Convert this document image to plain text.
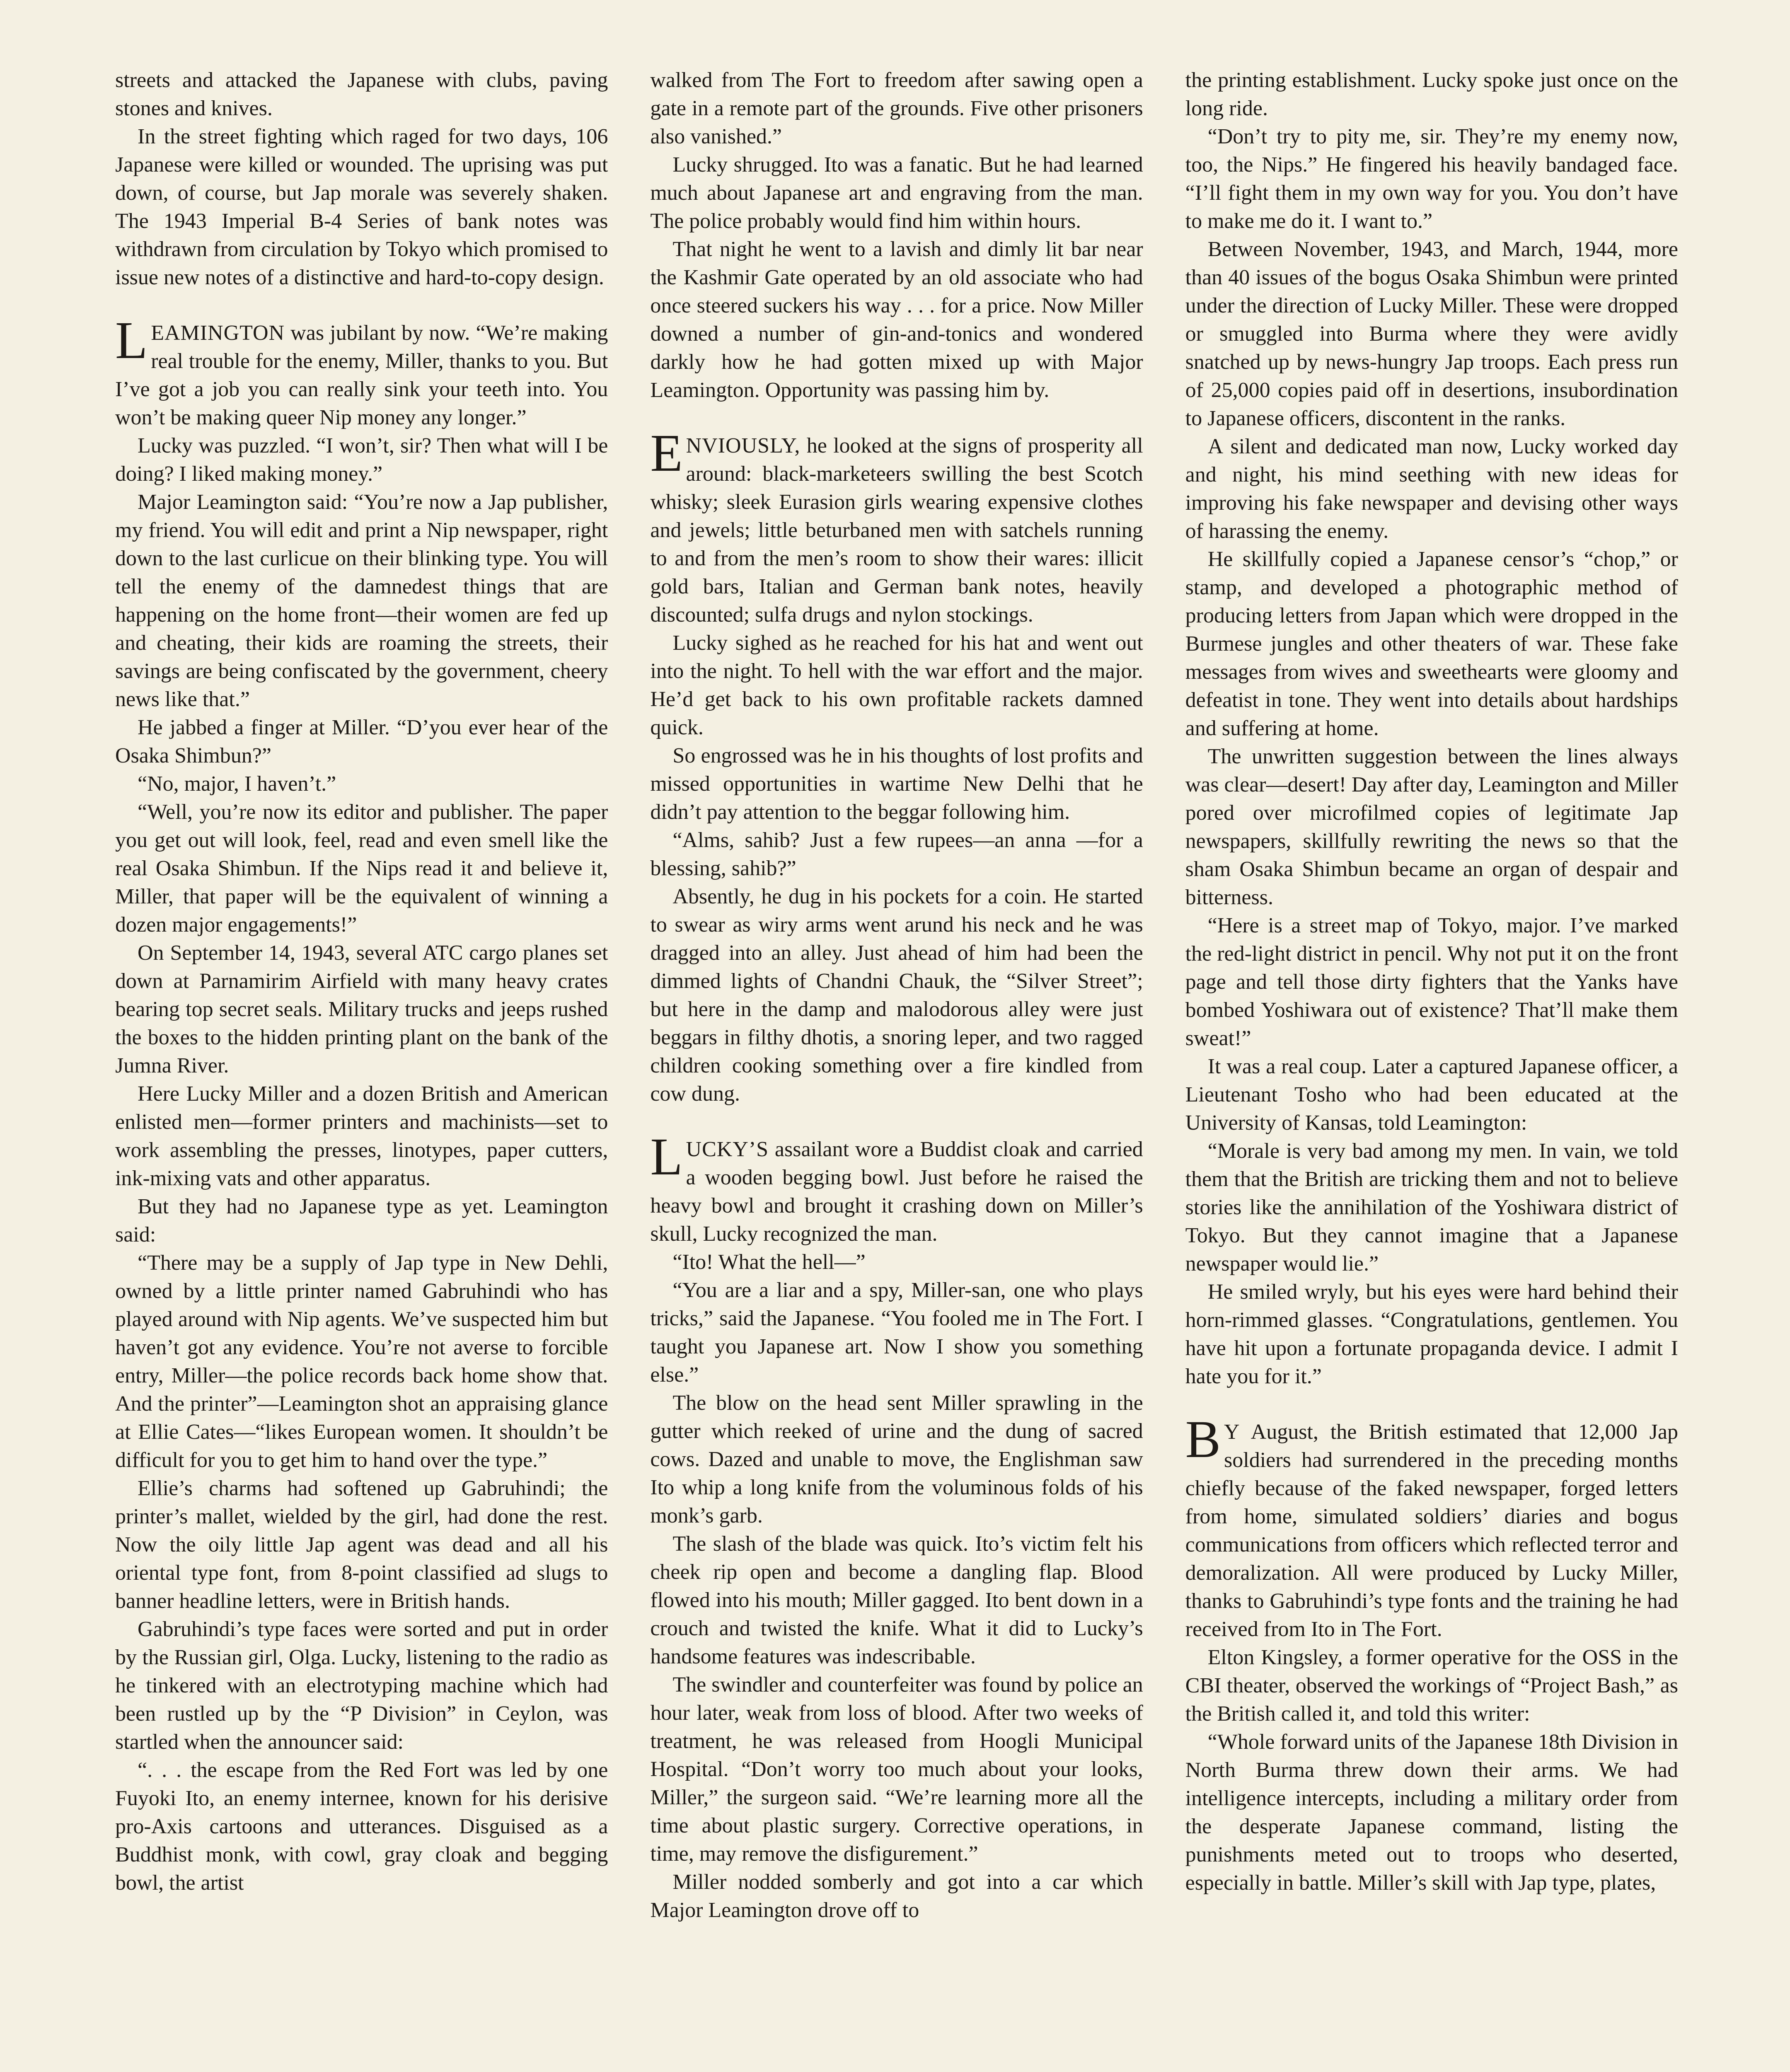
streets and attacked the Japanese with clubs, paving stones and knives.

In the street fighting which raged for two days, 106 Japanese were killed or wounded. The uprising was put down, of course, but Jap morale was severely shaken. The 1943 Imperial B-4 Series of bank notes was withdrawn from circulation by Tokyo which promised to issue new notes of a distinctive and hard-to-copy design.

LEAMINGTON was jubilant by now. “We’re making real trouble for the enemy, Miller, thanks to you. But I’ve got a job you can really sink your teeth into. You won’t be making queer Nip money any longer.”

Lucky was puzzled. “I won’t, sir? Then what will I be doing? I liked making money.”

Major Leamington said: “You’re now a Jap publisher, my friend. You will edit and print a Nip newspaper, right down to the last curlicue on their blinking type. You will tell the enemy of the damnedest things that are happening on the home front—their women are fed up and cheating, their kids are roaming the streets, their savings are being confiscated by the government, cheery news like that.”

He jabbed a finger at Miller. “D’you ever hear of the Osaka Shimbun?”

“No, major, I haven’t.”

“Well, you’re now its editor and publisher. The paper you get out will look, feel, read and even smell like the real Osaka Shimbun. If the Nips read it and believe it, Miller, that paper will be the equivalent of winning a dozen major engagements!”

On September 14, 1943, several ATC cargo planes set down at Parnamirim Airfield with many heavy crates bearing top secret seals. Military trucks and jeeps rushed the boxes to the hidden printing plant on the bank of the Jumna River.

Here Lucky Miller and a dozen British and American enlisted men—former printers and machinists—set to work assembling the presses, linotypes, paper cutters, ink-mixing vats and other apparatus.

But they had no Japanese type as yet. Leamington said:

“There may be a supply of Jap type in New Dehli, owned by a little printer named Gabruhindi who has played around with Nip agents. We’ve suspected him but haven’t got any evidence. You’re not averse to forcible entry, Miller—the police records back home show that. And the printer”—Leamington shot an appraising glance at Ellie Cates—“likes European women. It shouldn’t be difficult for you to get him to hand over the type.”

Ellie’s charms had softened up Gabruhindi; the printer’s mallet, wielded by the girl, had done the rest. Now the oily little Jap agent was dead and all his oriental type font, from 8-point classified ad slugs to banner headline letters, were in British hands.

Gabruhindi’s type faces were sorted and put in order by the Russian girl, Olga. Lucky, listening to the radio as he tinkered with an electrotyping machine which had been rustled up by the “P Division” in Ceylon, was startled when the announcer said:

“. . . the escape from the Red Fort was led by one Fuyoki Ito, an enemy internee, known for his derisive pro-Axis cartoons and utterances. Disguised as a Buddhist monk, with cowl, gray cloak and begging bowl, the artist

walked from The Fort to freedom after sawing open a gate in a remote part of the grounds. Five other prisoners also vanished.”

Lucky shrugged. Ito was a fanatic. But he had learned much about Japanese art and engraving from the man. The police probably would find him within hours.

That night he went to a lavish and dimly lit bar near the Kashmir Gate operated by an old associate who had once steered suckers his way . . . for a price. Now Miller downed a number of gin-and-tonics and wondered darkly how he had gotten mixed up with Major Leamington. Opportunity was passing him by.

ENVIOUSLY, he looked at the signs of prosperity all around: black-marketeers swilling the best Scotch whisky; sleek Eurasion girls wearing expensive clothes and jewels; little beturbaned men with satchels running to and from the men’s room to show their wares: illicit gold bars, Italian and German bank notes, heavily discounted; sulfa drugs and nylon stockings.

Lucky sighed as he reached for his hat and went out into the night. To hell with the war effort and the major. He’d get back to his own profitable rackets damned quick.

So engrossed was he in his thoughts of lost profits and missed opportunities in wartime New Delhi that he didn’t pay attention to the beggar following him.

“Alms, sahib? Just a few rupees—an anna —for a blessing, sahib?”

Absently, he dug in his pockets for a coin. He started to swear as wiry arms went arund his neck and he was dragged into an alley. Just ahead of him had been the dimmed lights of Chandni Chauk, the “Silver Street”; but here in the damp and malodorous alley were just beggars in filthy dhotis, a snoring leper, and two ragged children cooking something over a fire kindled from cow dung.

LUCKY’S assailant wore a Buddist cloak and carried a wooden begging bowl. Just before he raised the heavy bowl and brought it crashing down on Miller’s skull, Lucky recognized the man.

“Ito! What the hell—”

“You are a liar and a spy, Miller-san, one who plays tricks,” said the Japanese. “You fooled me in The Fort. I taught you Japanese art. Now I show you something else.”

The blow on the head sent Miller sprawling in the gutter which reeked of urine and the dung of sacred cows. Dazed and unable to move, the Englishman saw Ito whip a long knife from the voluminous folds of his monk’s garb.

The slash of the blade was quick. Ito’s victim felt his cheek rip open and become a dangling flap. Blood flowed into his mouth; Miller gagged. Ito bent down in a crouch and twisted the knife. What it did to Lucky’s handsome features was indescribable.

The swindler and counterfeiter was found by police an hour later, weak from loss of blood. After two weeks of treatment, he was released from Hoogli Municipal Hospital. “Don’t worry too much about your looks, Miller,” the surgeon said. “We’re learning more all the time about plastic surgery. Corrective operations, in time, may remove the disfigurement.”

Miller nodded somberly and got into a car which Major Leamington drove off to

the printing establishment. Lucky spoke just once on the long ride.

“Don’t try to pity me, sir. They’re my enemy now, too, the Nips.” He fingered his heavily bandaged face. “I’ll fight them in my own way for you. You don’t have to make me do it. I want to.”

Between November, 1943, and March, 1944, more than 40 issues of the bogus Osaka Shimbun were printed under the direction of Lucky Miller. These were dropped or smuggled into Burma where they were avidly snatched up by news-hungry Jap troops. Each press run of 25,000 copies paid off in desertions, insubordination to Japanese officers, discontent in the ranks.

A silent and dedicated man now, Lucky worked day and night, his mind seething with new ideas for improving his fake newspaper and devising other ways of harassing the enemy.

He skillfully copied a Japanese censor’s “chop,” or stamp, and developed a photographic method of producing letters from Japan which were dropped in the Burmese jungles and other theaters of war. These fake messages from wives and sweethearts were gloomy and defeatist in tone. They went into details about hardships and suffering at home.

The unwritten suggestion between the lines always was clear—desert! Day after day, Leamington and Miller pored over microfilmed copies of legitimate Jap newspapers, skillfully rewriting the news so that the sham Osaka Shimbun became an organ of despair and bitterness.

“Here is a street map of Tokyo, major. I’ve marked the red-light district in pencil. Why not put it on the front page and tell those dirty fighters that the Yanks have bombed Yoshiwara out of existence? That’ll make them sweat!”

It was a real coup. Later a captured Japanese officer, a Lieutenant Tosho who had been educated at the University of Kansas, told Leamington:

“Morale is very bad among my men. In vain, we told them that the British are tricking them and not to believe stories like the annihilation of the Yoshiwara district of Tokyo. But they cannot imagine that a Japanese newspaper would lie.”

He smiled wryly, but his eyes were hard behind their horn-rimmed glasses. “Congratulations, gentlemen. You have hit upon a fortunate propaganda device. I admit I hate you for it.”

B Y August, the British estimated that 12,000 Jap soldiers had surrendered in the preceding months chiefly because of the faked newspaper, forged letters from home, simulated soldiers’ diaries and bogus communications from officers which reflected terror and demoralization. All were produced by Lucky Miller, thanks to Gabruhindi’s type fonts and the training he had received from Ito in The Fort.

Elton Kingsley, a former operative for the OSS in the CBI theater, observed the workings of “Project Bash,” as the British called it, and told this writer:

“Whole forward units of the Japanese 18th Division in North Burma threw down their arms. We had intelligence intercepts, including a military order from the desperate Japanese command, listing the punishments meted out to troops who deserted, especially in battle. Miller’s skill with Jap type, plates,
